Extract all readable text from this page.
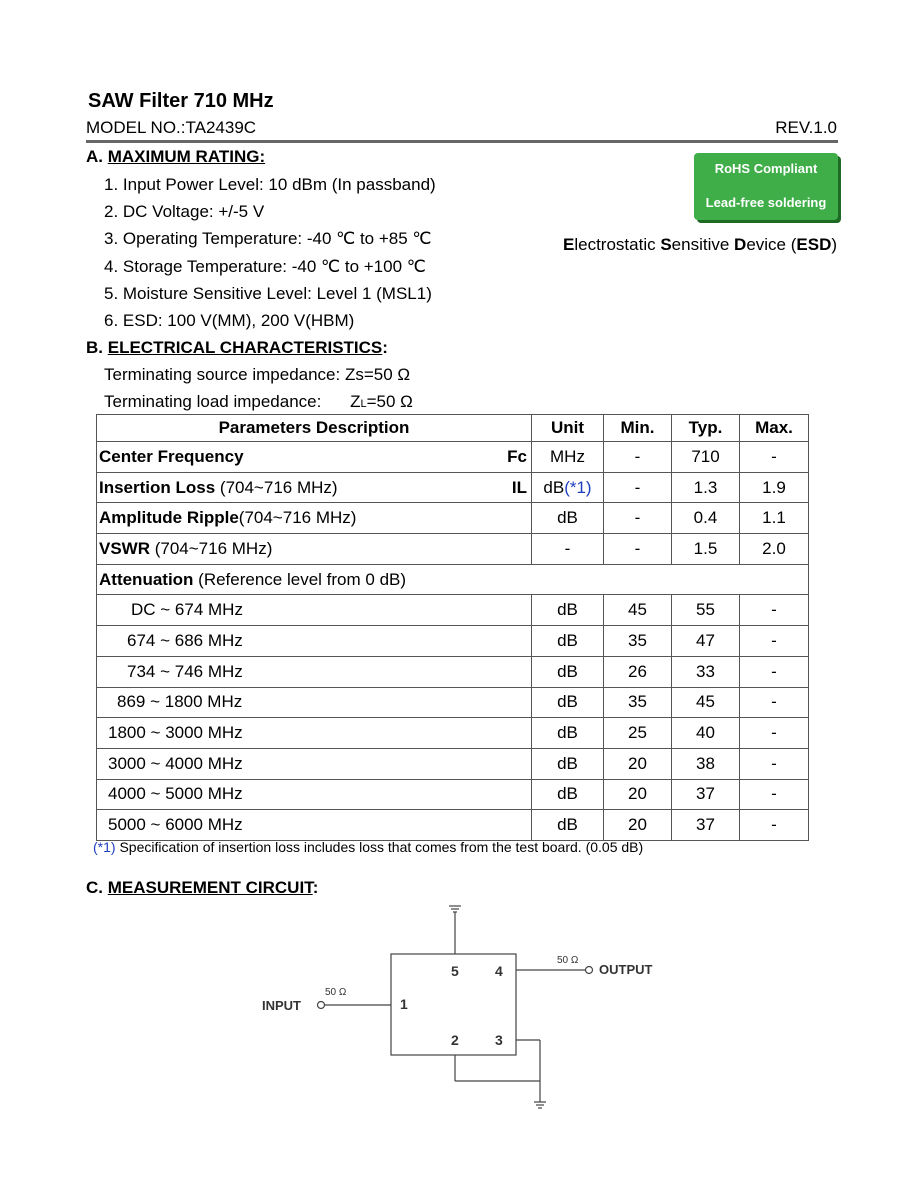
SAW Filter 710 MHz
MODEL NO.:TA2439C	REV.1.0
A. MAXIMUM RATING:
1. Input Power Level: 10 dBm (In passband)
2. DC Voltage: +/-5 V
3. Operating Temperature: -40 ℃ to +85 ℃
4. Storage Temperature: -40 ℃ to +100 ℃
5. Moisture Sensitive Level: Level 1 (MSL1)
6. ESD: 100 V(MM), 200 V(HBM)
RoHS Compliant
Lead-free soldering
Electrostatic Sensitive Device (ESD)
B. ELECTRICAL CHARACTERISTICS:
Terminating source impedance: Zs=50 Ω
Terminating load impedance: ZL=50 Ω
Parameters Description	Unit	Min.	Typ.	Max.

Center Frequency Fc	MHz	-	710	-

Insertion Loss (704~716 MHz) IL	dB(*1)	-	1.3	1.9

Amplitude Ripple(704~716 MHz)	dB	-	0.4	1.1

VSWR (704~716 MHz)	-	-	1.5	2.0
Attenuation (Reference level from 0 dB)				
DC ~ 674 MHz	dB	45	55	-
674 ~ 686 MHz	dB	35	47	-
734 ~ 746 MHz	dB	26	33	-
869 ~ 1800 MHz	dB	35	45	-
1800 ~ 3000 MHz	dB	25	40	-
3000 ~ 4000 MHz	dB	20	38	-
4000 ~ 5000 MHz	dB	20	37	-
5000 ~ 6000 MHz	dB	20	37	-
(*1) Specification of insertion loss includes loss that comes from the test board. (0.05 dB)
C. MEASUREMENT CIRCUIT:
INPUT
50 Ω
OUTPUT
50 Ω
1
2	3
4
5
